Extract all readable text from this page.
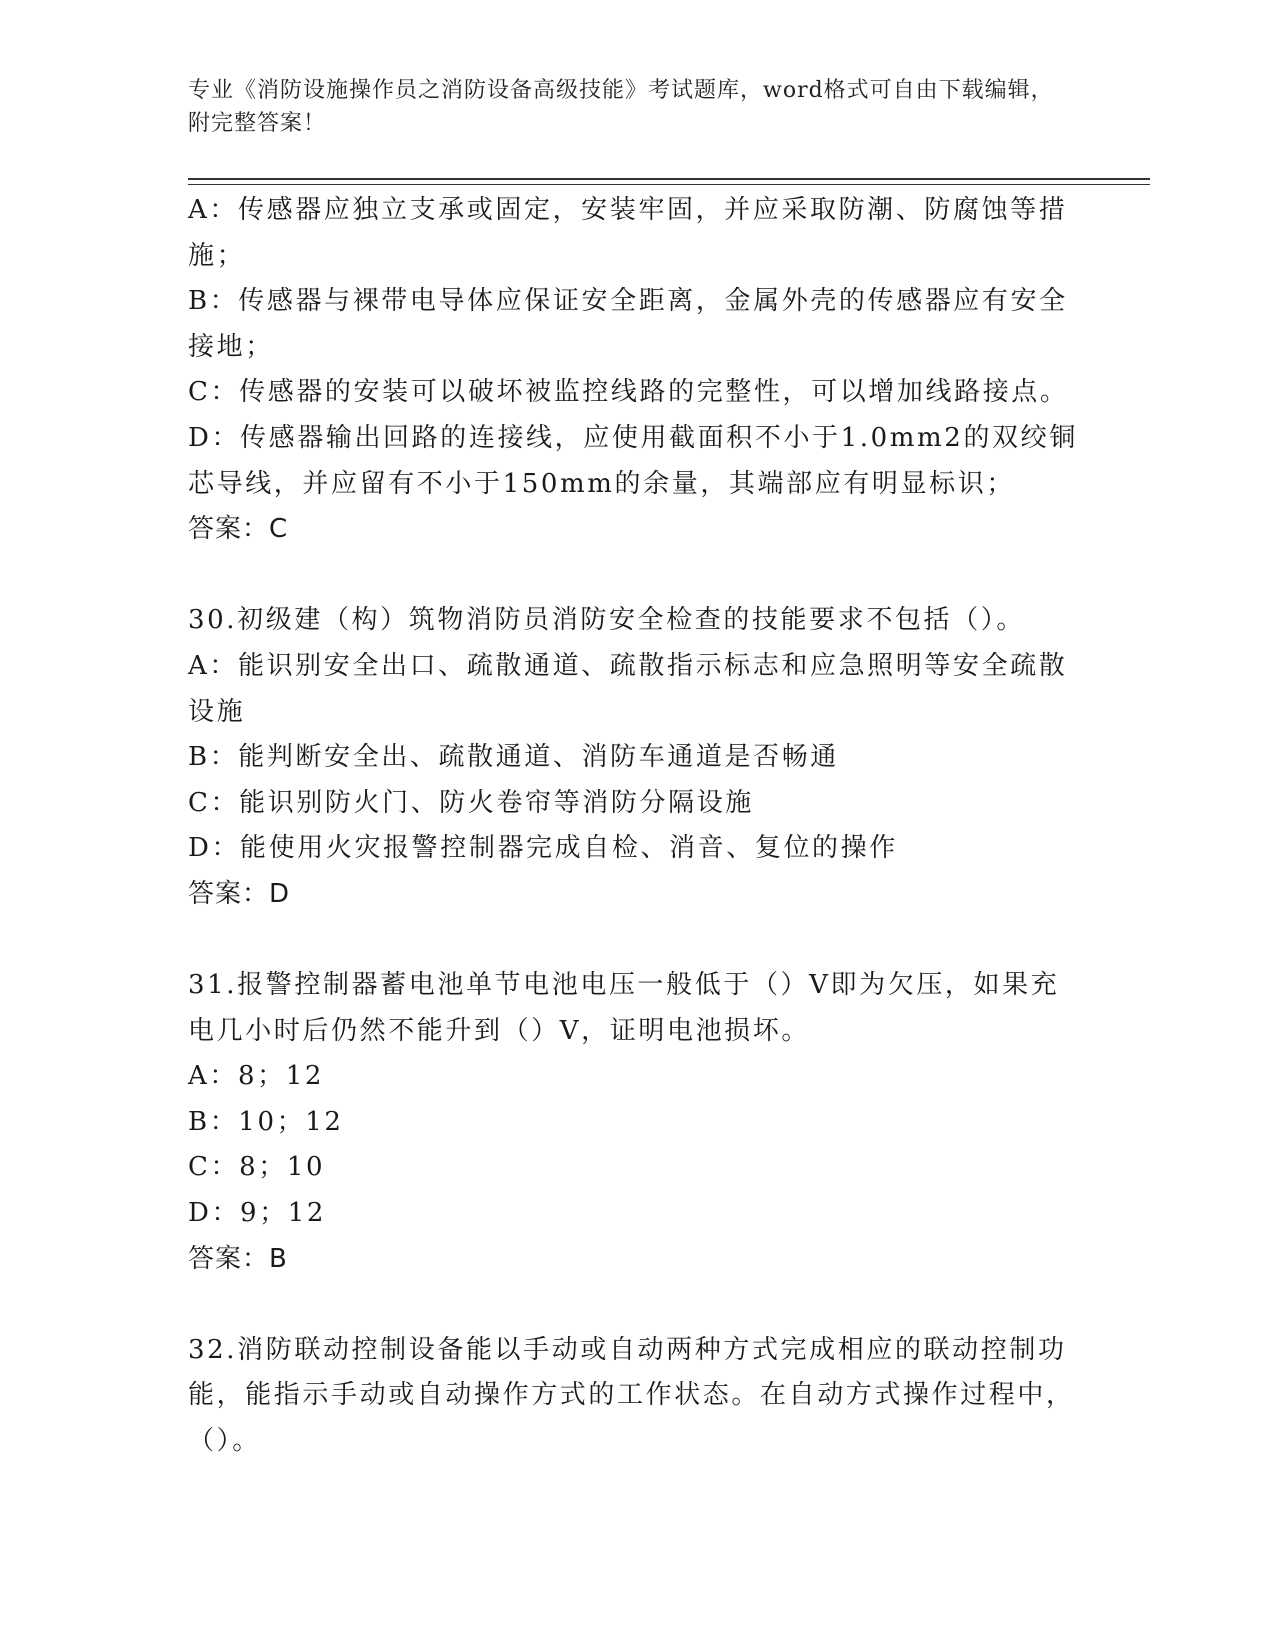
专业《消防设施操作员之消防设备高级技能》考试题库，word格式可自由下载编辑，附完整答案！

A：传感器应独立支承或固定，安装牢固，并应采取防潮、防腐蚀等措施；

B：传感器与裸带电导体应保证安全距离，金属外壳的传感器应有安全接地；

C：传感器的安装可以破坏被监控线路的完整性，可以增加线路接点。

D：传感器输出回路的连接线，应使用截面积不小于1.0mm2的双绞铜芯导线，并应留有不小于150mm的余量，其端部应有明显标识；

答案：C

30.初级建（构）筑物消防员消防安全检查的技能要求不包括（）。

A：能识别安全出口、疏散通道、疏散指示标志和应急照明等安全疏散设施

B：能判断安全出、疏散通道、消防车通道是否畅通

C：能识别防火门、防火卷帘等消防分隔设施

D：能使用火灾报警控制器完成自检、消音、复位的操作

答案：D

31.报警控制器蓄电池单节电池电压一般低于（）V即为欠压，如果充电几小时后仍然不能升到（）V，证明电池损坏。

A：8；12

B：10；12

C：8；10

D：9；12

答案：B

32.消防联动控制设备能以手动或自动两种方式完成相应的联动控制功能，能指示手动或自动操作方式的工作状态。在自动方式操作过程中，（）。
